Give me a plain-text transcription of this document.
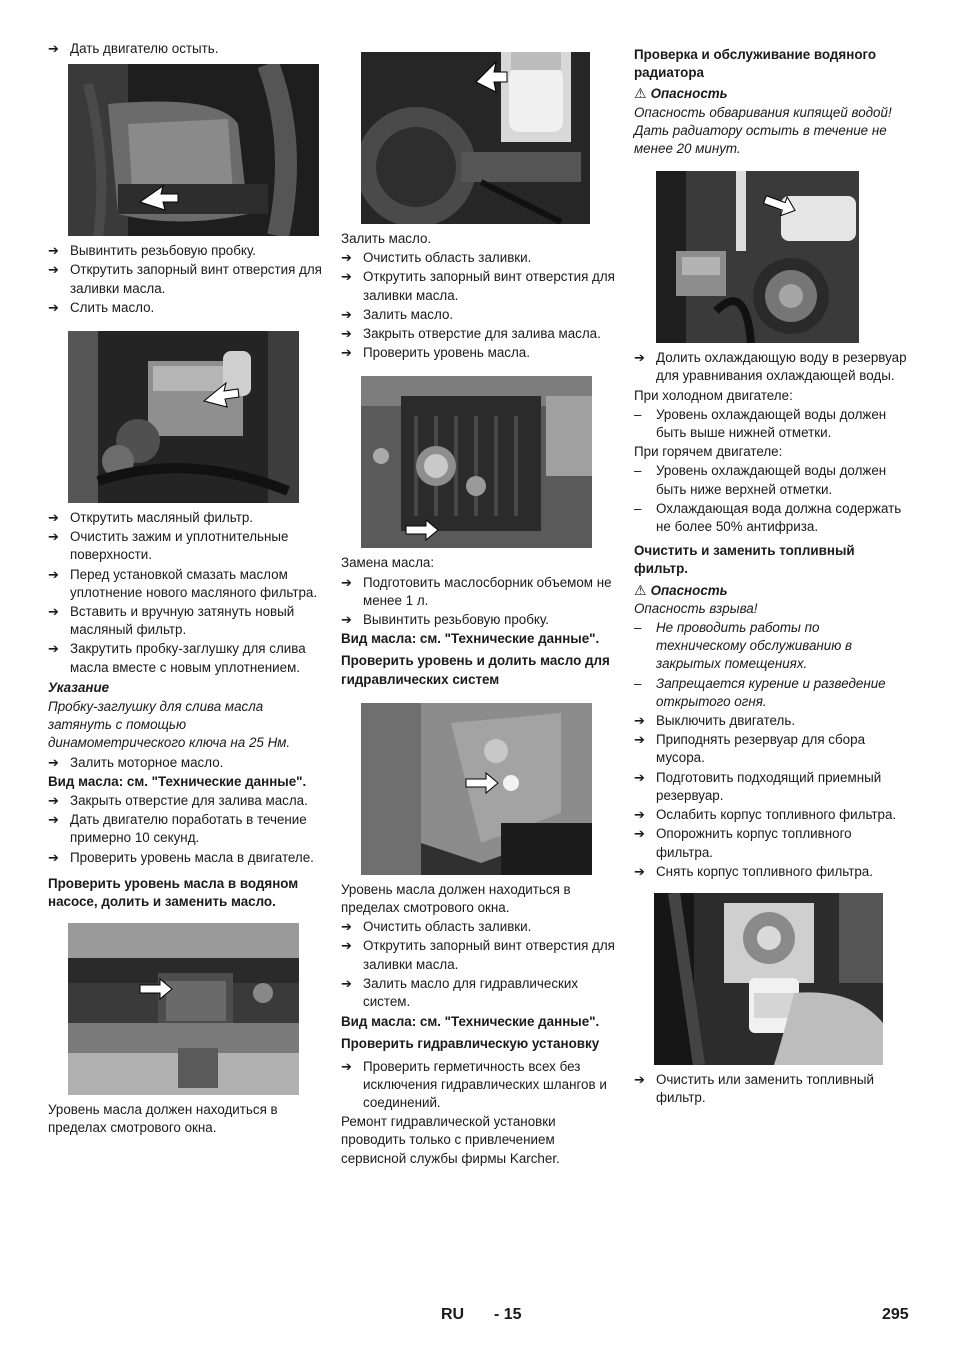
➔ Дать двигателю остыть.
➔ Вывинтить резьбовую пробку.
➔ Открутить запорный винт отверстия для заливки масла.
➔ Слить масло.
➔ Открутить масляный фильтр.
➔ Очистить зажим и уплотнительные поверхности.
➔ Перед установкой смазать маслом уплотнение нового масляного фильтра.
➔ Вставить и вручную затянуть новый масляный фильтр.
➔ Закрутить пробку-заглушку для слива масла вместе с новым уплотнением.
Указание
Пробку-заглушку для слива масла затянуть с помощью динамометрического ключа на 25 Нм.
➔ Залить моторное масло.
Вид масла: см. "Технические данные".
➔ Закрыть отверстие для залива масла.
➔ Дать двигателю поработать в течение примерно 10 секунд.
➔ Проверить уровень масла в двигателе.
Проверить уровень масла в водяном насосе, долить и заменить масло.
Уровень масла должен находиться в пределах смотрового окна.
Залить масло.
➔ Очистить область заливки.
➔ Открутить запорный винт отверстия для заливки масла.
➔ Залить масло.
➔ Закрыть отверстие для залива масла.
➔ Проверить уровень масла.
Замена масла:
➔ Подготовить маслосборник объемом не менее 1 л.
➔ Вывинтить резьбовую пробку.
Вид масла: см. "Технические данные".
Проверить уровень и долить масло для гидравлических систем
Уровень масла должен находиться в пределах смотрового окна.
➔ Очистить область заливки.
➔ Открутить запорный винт отверстия для заливки масла.
➔ Залить масло для гидравлических систем.
Вид масла: см. "Технические данные".
Проверить гидравлическую установку
➔ Проверить герметичность всех без исключения гидравлических шлангов и соединений.
Ремонт гидравлической установки проводить только с привлечением сервисной службы фирмы Karcher.
Проверка и обслуживание водяного радиатора
⚠ Опасность
Опасность обваривания кипящей водой! Дать радиатору остыть в течение не менее 20 минут.
➔ Долить охлаждающую воду в резервуар для уравнивания охлаждающей воды.
При холодном двигателе:
– Уровень охлаждающей воды должен быть выше нижней отметки.
При горячем двигателе:
– Уровень охлаждающей воды должен быть ниже верхней отметки.
– Охлаждающая вода должна содержать не более 50% антифриза.
Очистить и заменить топливный фильтр.
⚠ Опасность
Опасность взрыва!
– Не проводить работы по техническому обслуживанию в закрытых помещениях.
– Запрещается курение и разведение открытого огня.
➔ Выключить двигатель.
➔ Приподнять резервуар для сбора мусора.
➔ Подготовить подходящий приемный резервуар.
➔ Ослабить корпус топливного фильтра.
➔ Опорожнить корпус топливного фильтра.
➔ Снять корпус топливного фильтра.
➔ Очистить или заменить топливный фильтр.
RU - 15	295
